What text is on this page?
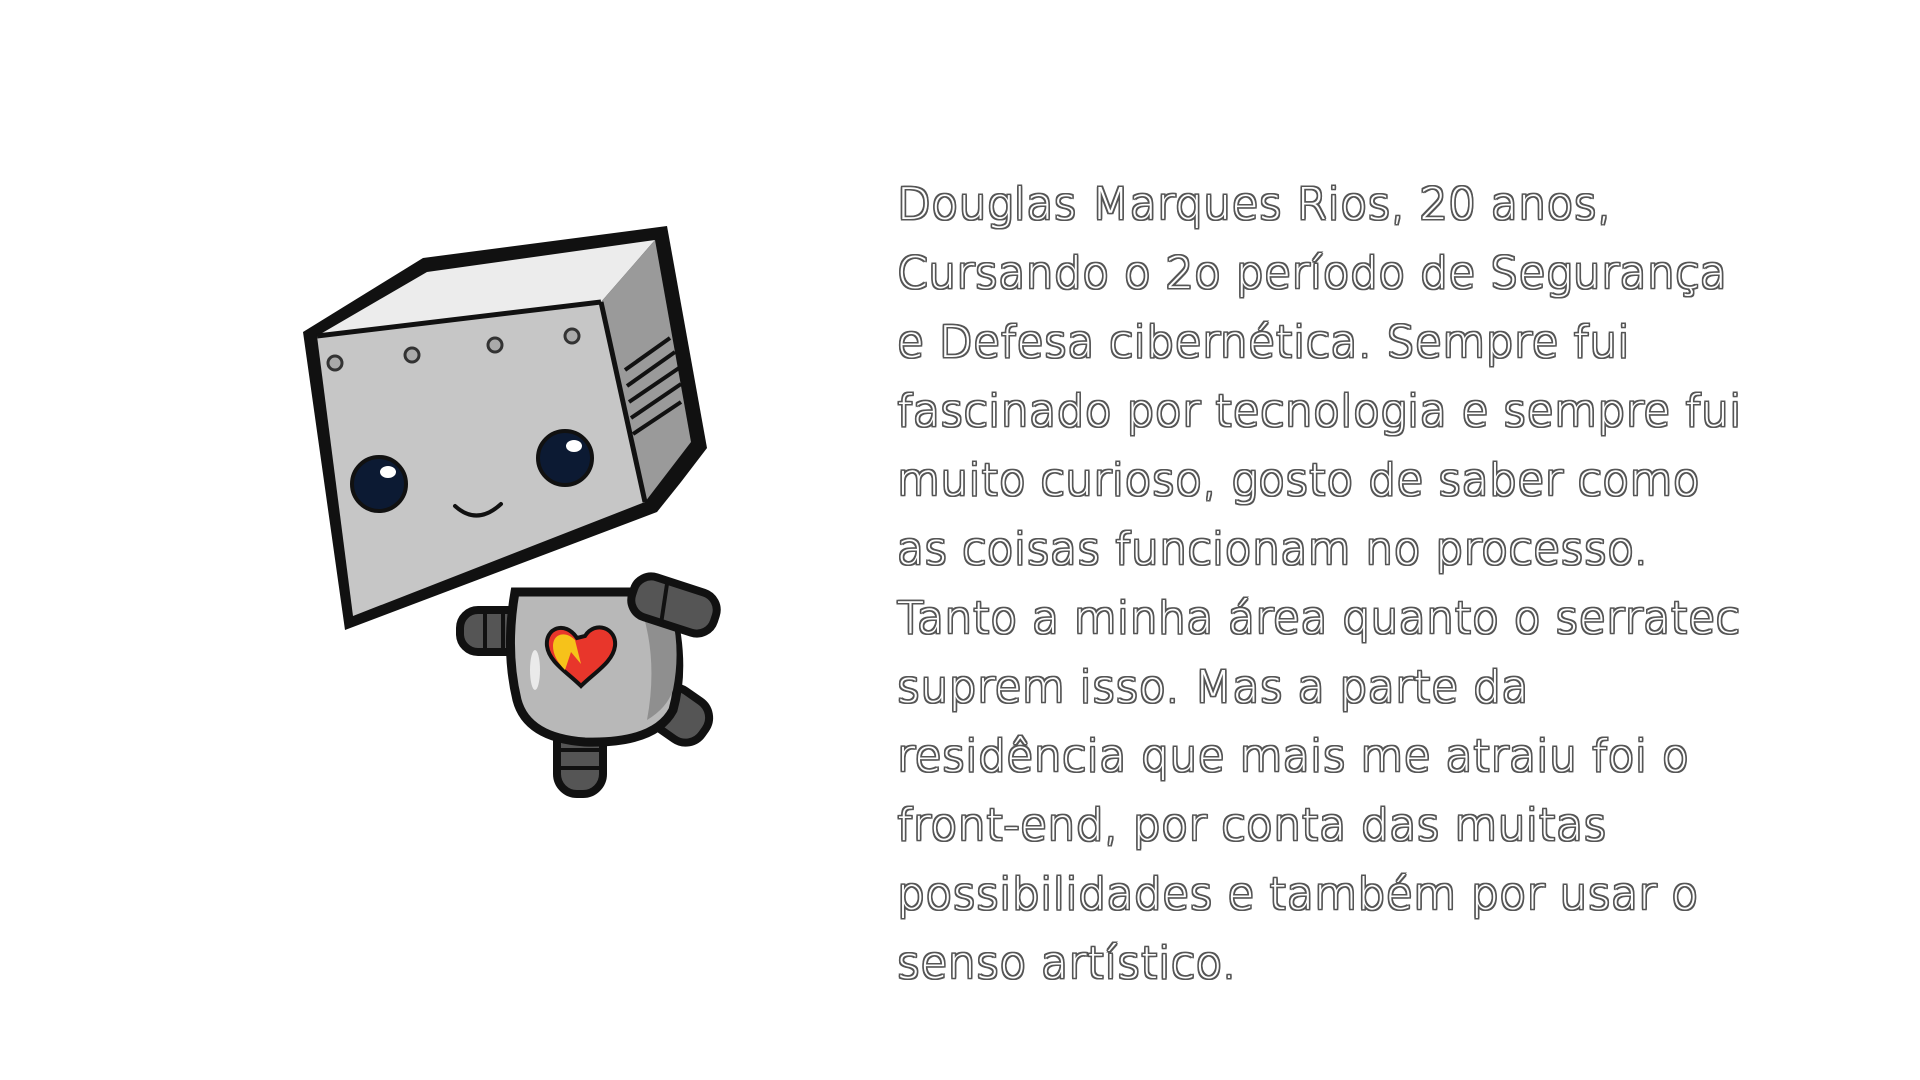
Douglas Marques Rios, 20 anos, Cursando o 2o período de Segurança e Defesa cibernética. Sempre fui fascinado por tecnologia e sempre fui muito curioso, gosto de saber como as coisas funcionam no processo. Tanto a minha área quanto o serratec suprem isso. Mas a parte da residência que mais me atraiu foi o front-end, por conta das muitas possibilidades e também por usar o senso artístico.
